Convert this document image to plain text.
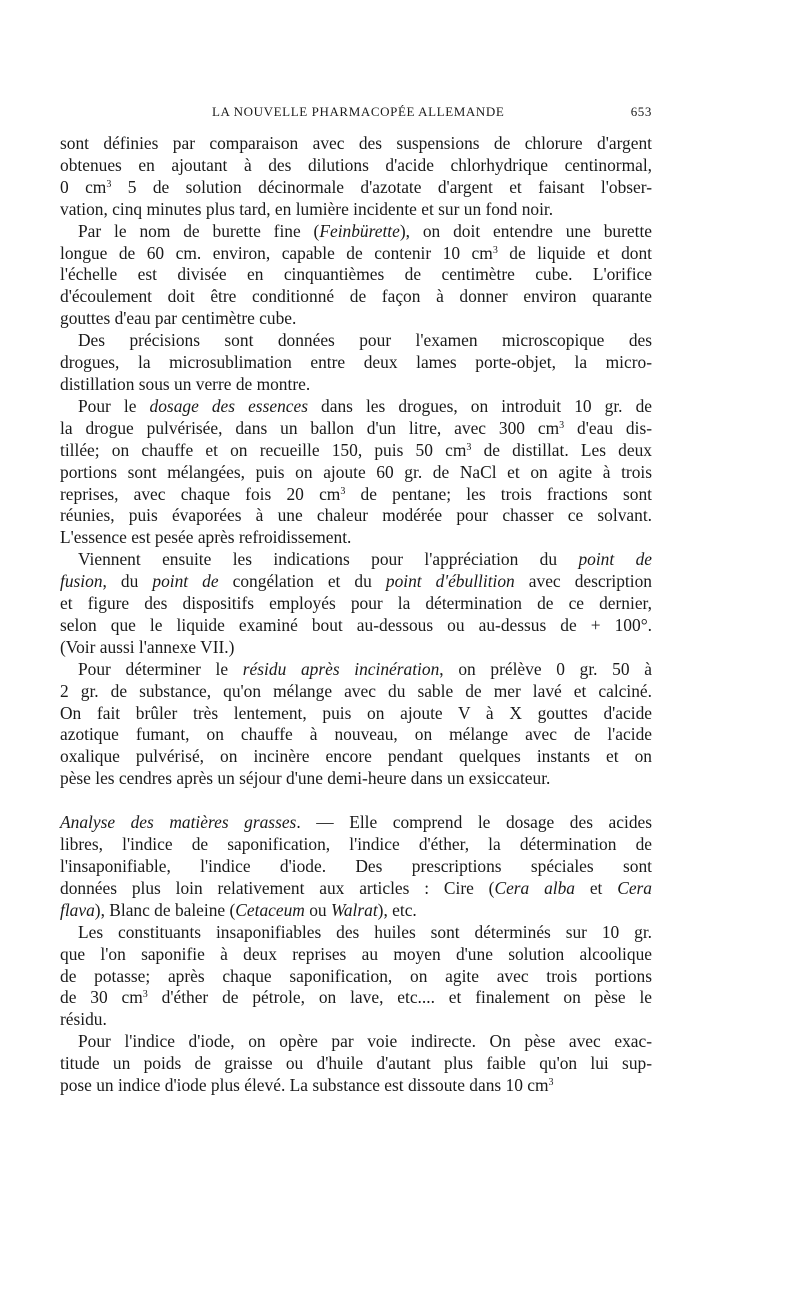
LA NOUVELLE PHARMACOPÉE ALLEMANDE	653

sont définies par comparaison avec des suspensions de chlorure d'argent
obtenues en ajoutant à des dilutions d'acide chlorhydrique centinormal,
0 $cm^3$ 5 de solution décinormale d'azotate d'argent et faisant l'obser-
vation, cinq minutes plus tard, en lumière incidente et sur un fond noir.

Par le nom de burette fine (Feinbürette), on doit entendre une burette
longue de 60 cm. environ, capable de contenir 10 $cm^3$ de liquide et dont
l'échelle est divisée en cinquantièmes de centimètre cube. L'orifice
d'écoulement doit être conditionné de façon à donner environ quarante
gouttes d'eau par centimètre cube.

Des précisions sont données pour l'examen microscopique des
drogues, la microsublimation entre deux lames porte-objet, la micro-
distillation sous un verre de montre.

Pour le dosage des essences dans les drogues, on introduit 10 gr. de
la drogue pulvérisée, dans un ballon d'un litre, avec 300 $cm^3$ d'eau dis-
tillée; on chauffe et on recueille 150, puis 50 $cm^3$ de distillat. Les deux
portions sont mélangées, puis on ajoute 60 gr. de NaCl et on agite à trois
reprises, avec chaque fois 20 $cm^3$ de pentane; les trois fractions sont
réunies, puis évaporées à une chaleur modérée pour chasser ce solvant.
L'essence est pesée après refroidissement.

Viennent ensuite les indications pour l'appréciation du point de
fusion, du point de congélation et du point d'ébullition avec description
et figure des dispositifs employés pour la détermination de ce dernier,
selon que le liquide examiné bout au-dessous ou au-dessus de + 100°.
(Voir aussi l'annexe VII.)

Pour déterminer le résidu après incinération, on prélève 0 gr. 50 à
2 gr. de substance, qu'on mélange avec du sable de mer lavé et calciné.
On fait brûler très lentement, puis on ajoute V à X gouttes d'acide
azotique fumant, on chauffe à nouveau, on mélange avec de l'acide
oxalique pulvérisé, on incinère encore pendant quelques instants et on
pèse les cendres après un séjour d'une demi-heure dans un exsiccateur.

Analyse des matières grasses. — Elle comprend le dosage des acides
libres, l'indice de saponification, l'indice d'éther, la détermination de
l'insaponifiable, l'indice d'iode. Des prescriptions spéciales sont
données plus loin relativement aux articles : Cire (Cera alba et Cera
flava), Blanc de baleine (Cetaceum ou Walrat), etc.

Les constituants insaponifiables des huiles sont déterminés sur 10 gr.
que l'on saponifie à deux reprises au moyen d'une solution alcoolique
de potasse; après chaque saponification, on agite avec trois portions
de 30 $cm^3$ d'éther de pétrole, on lave, etc.... et finalement on pèse le
résidu.

Pour l'indice d'iode, on opère par voie indirecte. On pèse avec exac-
titude un poids de graisse ou d'huile d'autant plus faible qu'on lui sup-
pose un indice d'iode plus élevé. La substance est dissoute dans 10 $cm^3$
